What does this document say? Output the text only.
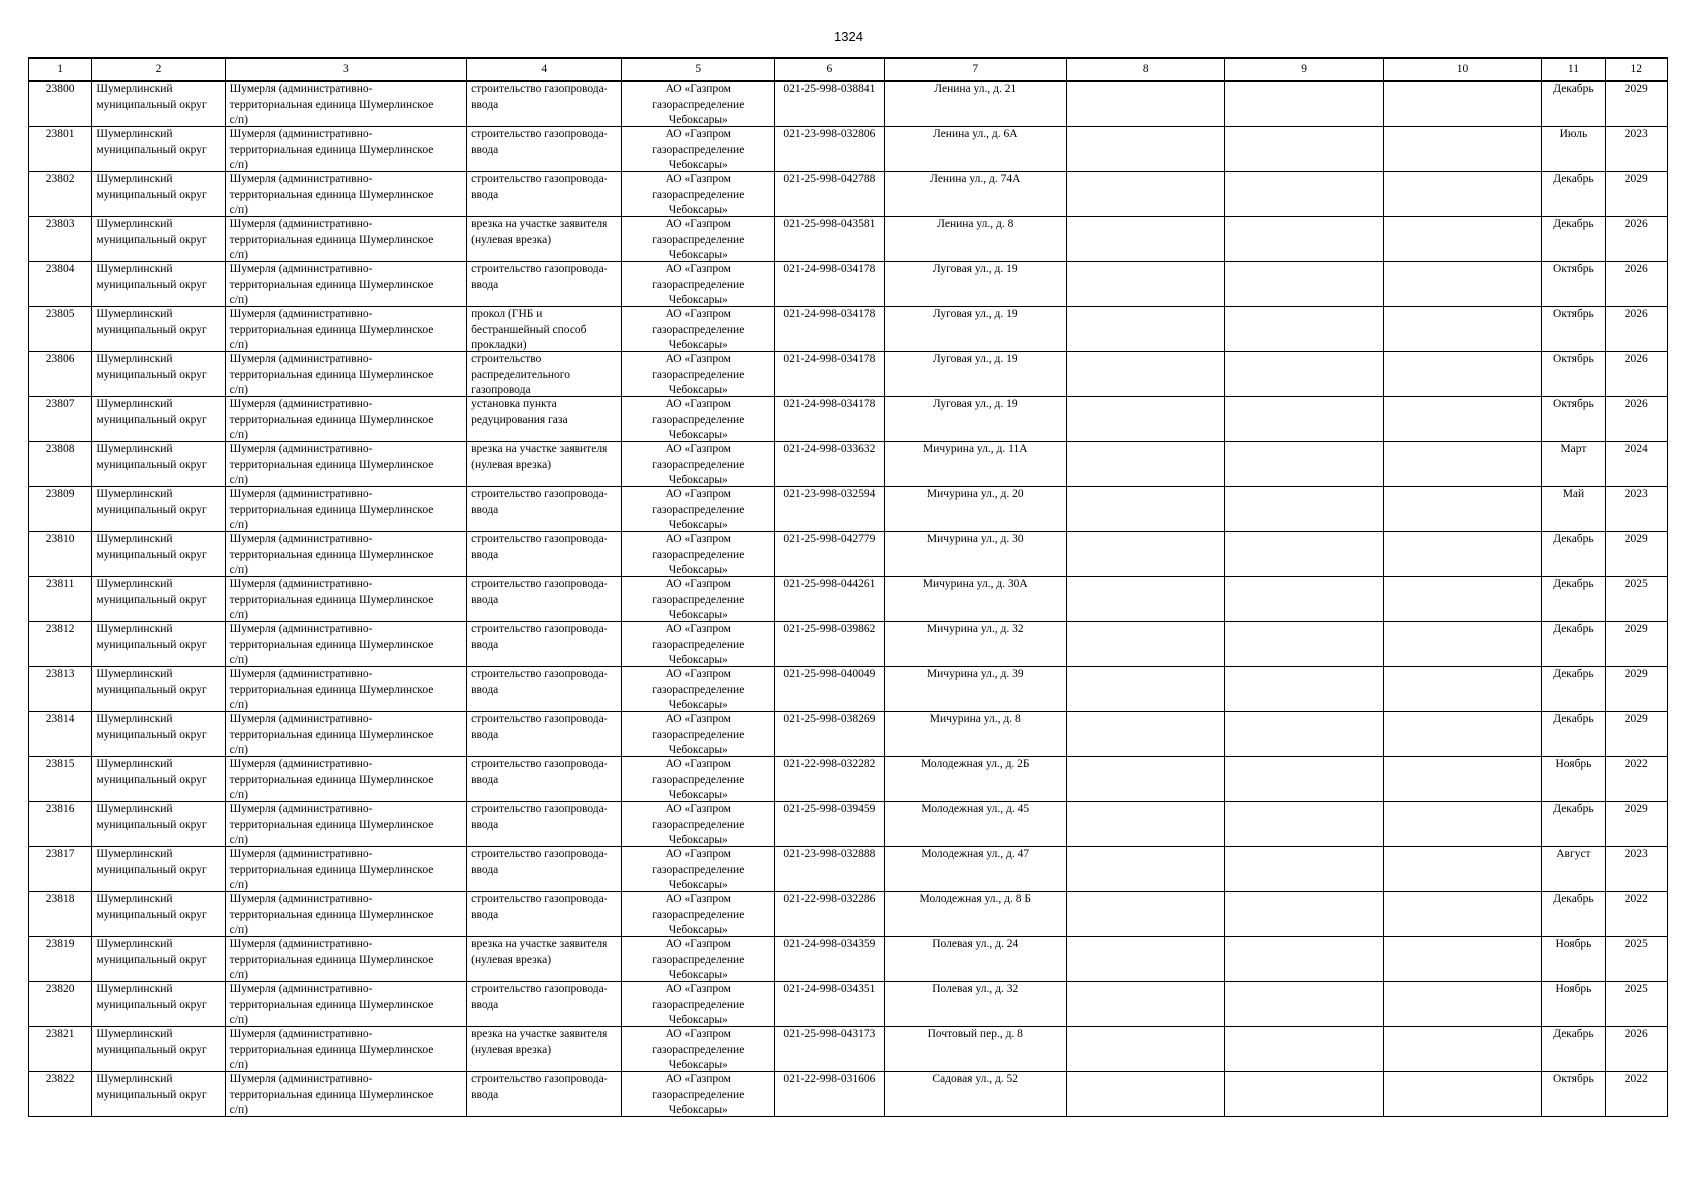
1324
1	2	3	4	5	6	7	8	9	10	11	12

23800	Шумерлинский
муниципальный округ	Шумерля (административно-
территориальная единица Шумерлинское
с/п)	строительство газопровода-
ввода	АО «Газпром
газораспределение
Чебоксары»	021-25-998-038841	Ленина ул., д. 21				Декабрь	2029

23801	Шумерлинский
муниципальный округ	Шумерля (административно-
территориальная единица Шумерлинское
с/п)	строительство газопровода-
ввода	АО «Газпром
газораспределение
Чебоксары»	021-23-998-032806	Ленина ул., д. 6А				Июль	2023

23802	Шумерлинский
муниципальный округ	Шумерля (административно-
территориальная единица Шумерлинское
с/п)	строительство газопровода-
ввода	АО «Газпром
газораспределение
Чебоксары»	021-25-998-042788	Ленина ул., д. 74А				Декабрь	2029

23803	Шумерлинский
муниципальный округ	Шумерля (административно-
территориальная единица Шумерлинское
с/п)	врезка на участке заявителя
(нулевая врезка)	АО «Газпром
газораспределение
Чебоксары»	021-25-998-043581	Ленина ул., д. 8				Декабрь	2026

23804	Шумерлинский
муниципальный округ	Шумерля (административно-
территориальная единица Шумерлинское
с/п)	строительство газопровода-
ввода	АО «Газпром
газораспределение
Чебоксары»	021-24-998-034178	Луговая ул., д. 19				Октябрь	2026

23805	Шумерлинский
муниципальный округ	Шумерля (административно-
территориальная единица Шумерлинское
с/п)	прокол (ГНБ и
бестраншейный способ
прокладки)	АО «Газпром
газораспределение
Чебоксары»	021-24-998-034178	Луговая ул., д. 19				Октябрь	2026

23806	Шумерлинский
муниципальный округ	Шумерля (административно-
территориальная единица Шумерлинское
с/п)	строительство
распределительного
газопровода	АО «Газпром
газораспределение
Чебоксары»	021-24-998-034178	Луговая ул., д. 19				Октябрь	2026

23807	Шумерлинский
муниципальный округ	Шумерля (административно-
территориальная единица Шумерлинское
с/п)	установка пункта
редуцирования газа	АО «Газпром
газораспределение
Чебоксары»	021-24-998-034178	Луговая ул., д. 19				Октябрь	2026

23808	Шумерлинский
муниципальный округ	Шумерля (административно-
территориальная единица Шумерлинское
с/п)	врезка на участке заявителя
(нулевая врезка)	АО «Газпром
газораспределение
Чебоксары»	021-24-998-033632	Мичурина ул., д. 11А				Март	2024

23809	Шумерлинский
муниципальный округ	Шумерля (административно-
территориальная единица Шумерлинское
с/п)	строительство газопровода-
ввода	АО «Газпром
газораспределение
Чебоксары»	021-23-998-032594	Мичурина ул., д. 20				Май	2023

23810	Шумерлинский
муниципальный округ	Шумерля (административно-
территориальная единица Шумерлинское
с/п)	строительство газопровода-
ввода	АО «Газпром
газораспределение
Чебоксары»	021-25-998-042779	Мичурина ул., д. 30				Декабрь	2029

23811	Шумерлинский
муниципальный округ	Шумерля (административно-
территориальная единица Шумерлинское
с/п)	строительство газопровода-
ввода	АО «Газпром
газораспределение
Чебоксары»	021-25-998-044261	Мичурина ул., д. 30А				Декабрь	2025

23812	Шумерлинский
муниципальный округ	Шумерля (административно-
территориальная единица Шумерлинское
с/п)	строительство газопровода-
ввода	АО «Газпром
газораспределение
Чебоксары»	021-25-998-039862	Мичурина ул., д. 32				Декабрь	2029

23813	Шумерлинский
муниципальный округ	Шумерля (административно-
территориальная единица Шумерлинское
с/п)	строительство газопровода-
ввода	АО «Газпром
газораспределение
Чебоксары»	021-25-998-040049	Мичурина ул., д. 39				Декабрь	2029

23814	Шумерлинский
муниципальный округ	Шумерля (административно-
территориальная единица Шумерлинское
с/п)	строительство газопровода-
ввода	АО «Газпром
газораспределение
Чебоксары»	021-25-998-038269	Мичурина ул., д. 8				Декабрь	2029

23815	Шумерлинский
муниципальный округ	Шумерля (административно-
территориальная единица Шумерлинское
с/п)	строительство газопровода-
ввода	АО «Газпром
газораспределение
Чебоксары»	021-22-998-032282	Молодежная ул., д. 2Б				Ноябрь	2022

23816	Шумерлинский
муниципальный округ	Шумерля (административно-
территориальная единица Шумерлинское
с/п)	строительство газопровода-
ввода	АО «Газпром
газораспределение
Чебоксары»	021-25-998-039459	Молодежная ул., д. 45				Декабрь	2029

23817	Шумерлинский
муниципальный округ	Шумерля (административно-
территориальная единица Шумерлинское
с/п)	строительство газопровода-
ввода	АО «Газпром
газораспределение
Чебоксары»	021-23-998-032888	Молодежная ул., д. 47				Август	2023

23818	Шумерлинский
муниципальный округ	Шумерля (административно-
территориальная единица Шумерлинское
с/п)	строительство газопровода-
ввода	АО «Газпром
газораспределение
Чебоксары»	021-22-998-032286	Молодежная ул., д. 8 Б				Декабрь	2022

23819	Шумерлинский
муниципальный округ	Шумерля (административно-
территориальная единица Шумерлинское
с/п)	врезка на участке заявителя
(нулевая врезка)	АО «Газпром
газораспределение
Чебоксары»	021-24-998-034359	Полевая ул., д. 24				Ноябрь	2025

23820	Шумерлинский
муниципальный округ	Шумерля (административно-
территориальная единица Шумерлинское
с/п)	строительство газопровода-
ввода	АО «Газпром
газораспределение
Чебоксары»	021-24-998-034351	Полевая ул., д. 32				Ноябрь	2025

23821	Шумерлинский
муниципальный округ	Шумерля (административно-
территориальная единица Шумерлинское
с/п)	врезка на участке заявителя
(нулевая врезка)	АО «Газпром
газораспределение
Чебоксары»	021-25-998-043173	Почтовый пер., д. 8				Декабрь	2026

23822	Шумерлинский
муниципальный округ	Шумерля (административно-
территориальная единица Шумерлинское
с/п)	строительство газопровода-
ввода	АО «Газпром
газораспределение
Чебоксары»	021-22-998-031606	Садовая ул., д. 52				Октябрь	2022
